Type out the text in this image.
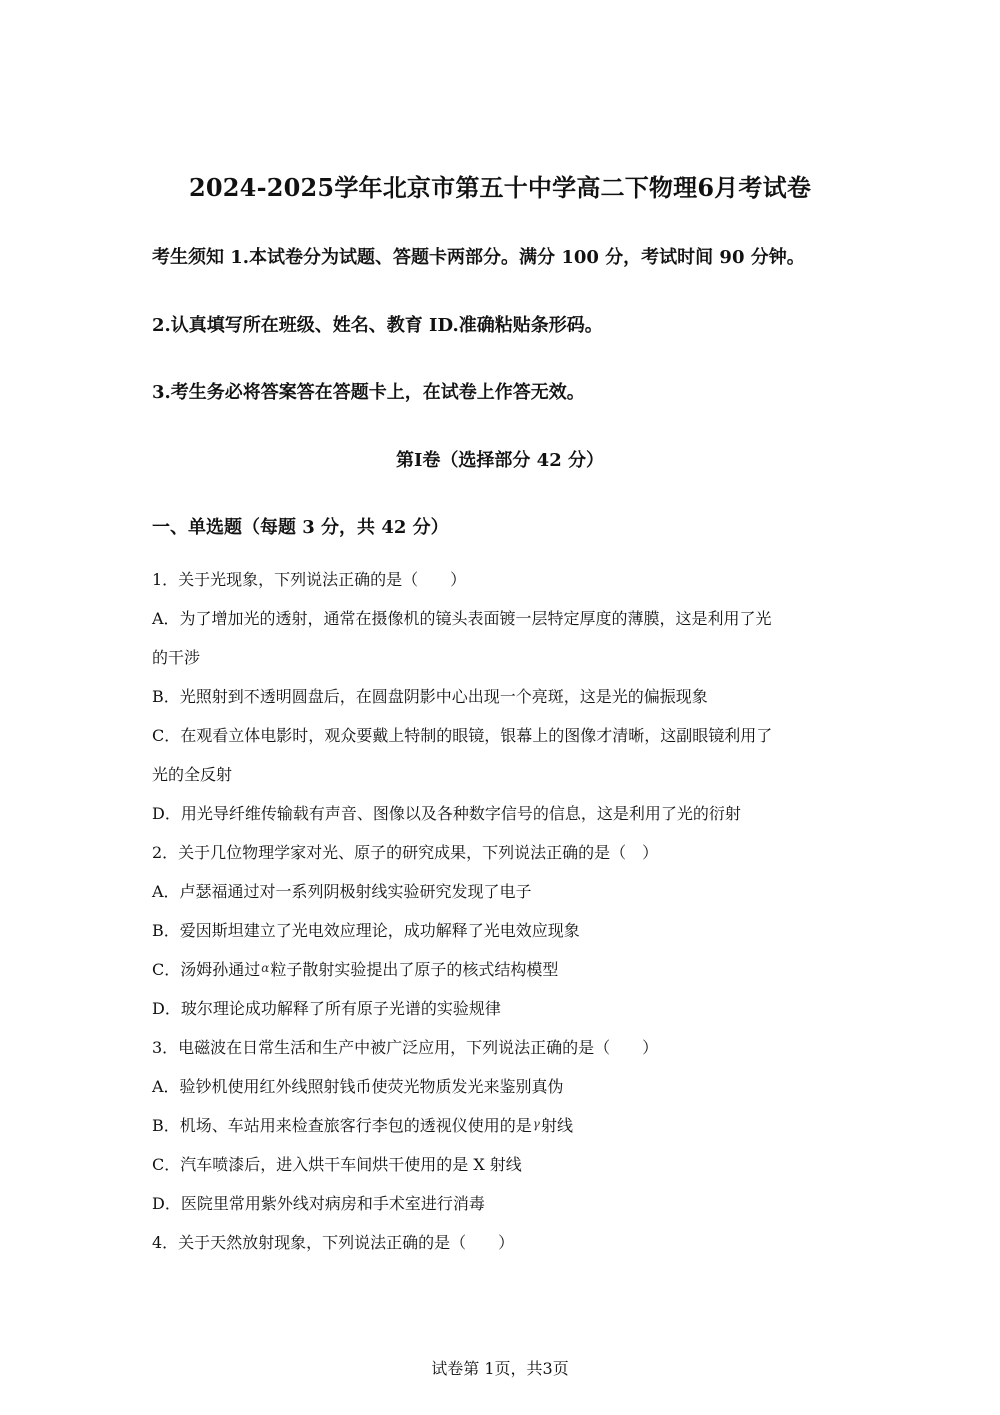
2024-2025学年北京市第五十中学高二下物理6月考试卷
考生须知 1.本试卷分为试题、答题卡两部分。满分 100 分，考试时间 90 分钟。
2.认真填写所在班级、姓名、教育 ID.准确粘贴条形码。
3.考生务必将答案答在答题卡上，在试卷上作答无效。
第Ⅰ卷（选择部分 42 分）
一、单选题（每题 3 分，共 42 分）
1．关于光现象，下列说法正确的是（　　）
A．为了增加光的透射，通常在摄像机的镜头表面镀一层特定厚度的薄膜，这是利用了光
的干涉
B．光照射到不透明圆盘后，在圆盘阴影中心出现一个亮斑，这是光的偏振现象
C．在观看立体电影时，观众要戴上特制的眼镜，银幕上的图像才清晰，这副眼镜利用了
光的全反射
D．用光导纤维传输载有声音、图像以及各种数字信号的信息，这是利用了光的衍射
2．关于几位物理学家对光、原子的研究成果，下列说法正确的是（　）
A．卢瑟福通过对一系列阴极射线实验研究发现了电子
B．爱因斯坦建立了光电效应理论，成功解释了光电效应现象
C．汤姆孙通过α粒子散射实验提出了原子的核式结构模型
D．玻尔理论成功解释了所有原子光谱的实验规律
3．电磁波在日常生活和生产中被广泛应用，下列说法正确的是（　　）
A．验钞机使用红外线照射钱币使荧光物质发光来鉴别真伪
B．机场、车站用来检查旅客行李包的透视仪使用的是γ射线
C．汽车喷漆后，进入烘干车间烘干使用的是 X 射线
D．医院里常用紫外线对病房和手术室进行消毒
4．关于天然放射现象，下列说法正确的是（　　）
试卷第 1页，共3页
